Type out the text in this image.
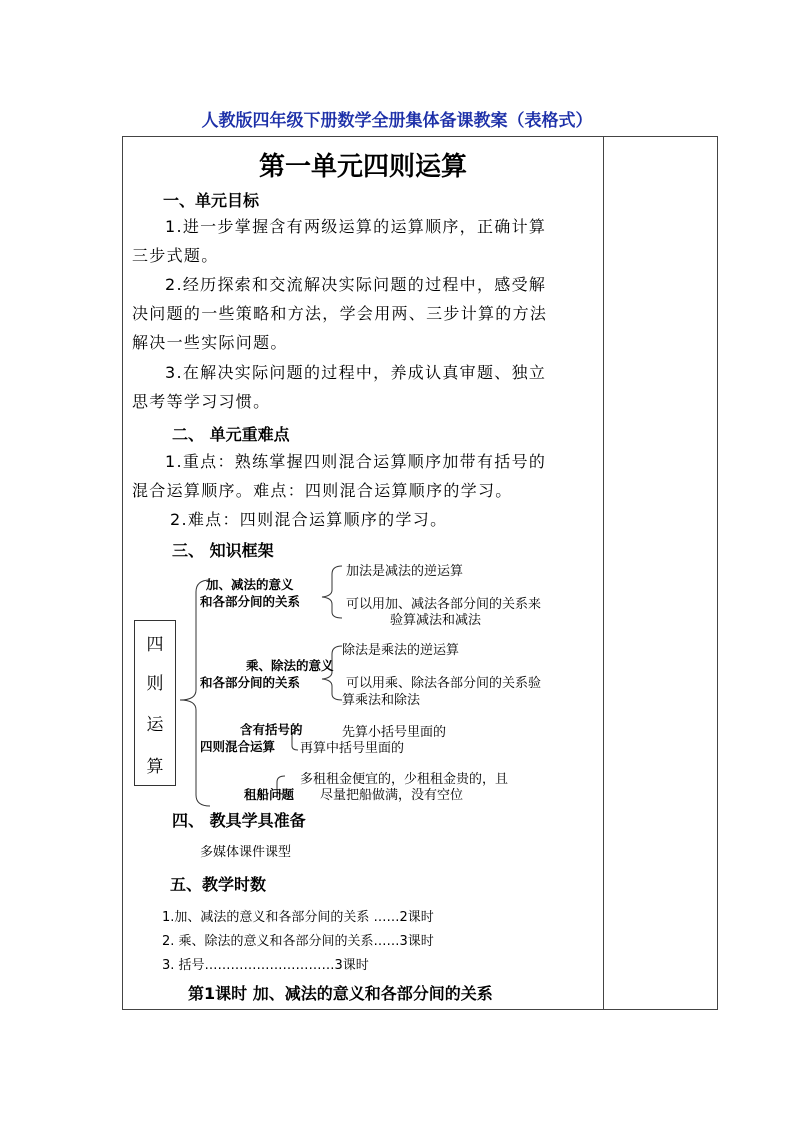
人教版四年级下册数学全册集体备课教案（表格式）
第一单元四则运算
一、单元目标
1.进一步掌握含有两级运算的运算顺序，正确计算
三步式题。
2.经历探索和交流解决实际问题的过程中，感受解
决问题的一些策略和方法，学会用两、三步计算的方法
解决一些实际问题。
3.在解决实际问题的过程中，养成认真审题、独立
思考等学习习惯。
二、 单元重难点
1.重点：熟练掌握四则混合运算顺序加带有括号的
混合运算顺序。难点：四则混合运算顺序的学习。
2.难点：四则混合运算顺序的学习。
三、 知识框架
四
则
运
算
加、减法的意义
和各部分间的关系
加法是减法的逆运算
可以用加、减法各部分间的关系来
验算减法和减法
乘、除法的意义
和各部分间的关系
除法是乘法的逆运算
可以用乘、除法各部分间的关系验
算乘法和除法
含有括号的
四则混合运算
先算小括号里面的
再算中括号里面的
租船问题
多租租金便宜的，少租租金贵的，且
尽量把船做满，没有空位
四、 教具学具准备
多媒体课件课型
五、教学时数
1.加、减法的意义和各部分间的关系 ……2课时
2. 乘、除法的意义和各部分间的关系……3课时
3. 括号…………………………3课时
第1课时 加、减法的意义和各部分间的关系
